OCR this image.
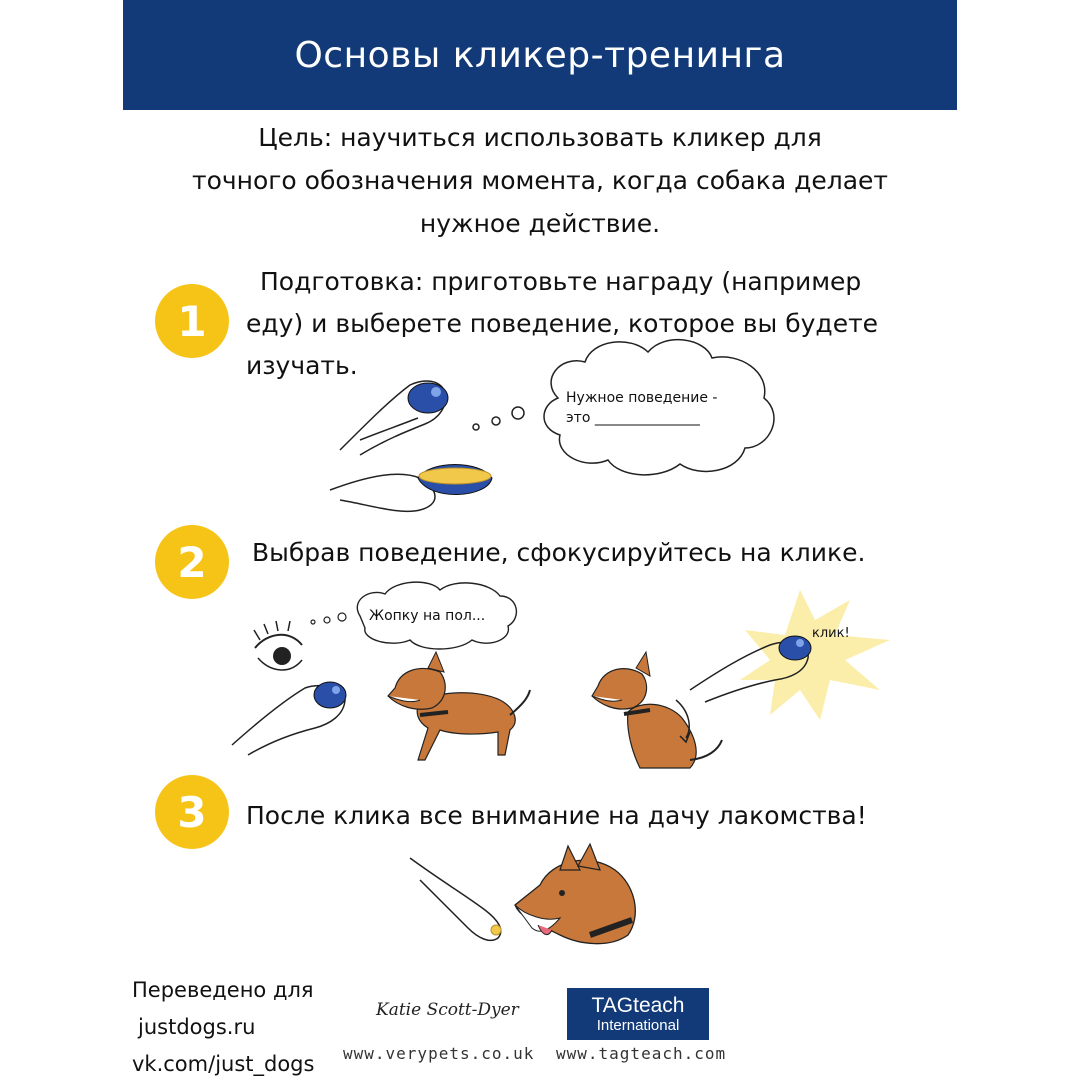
Основы кликер-тренинга
Цель: научиться использовать кликер для
точного обозначения момента, когда собака делает
нужное действие.
1
Подготовка: приготовьте награду (например
еду) и выберете поведение, которое вы будете
изучать.
2	Выбрав поведение, сфокусируйтесь на клике.
3	После клика все внимание на дачу лакомства!
Нужное поведение -
это _______________
Жопку на пол...
клик!
Переведено для
justdogs.ru
vk.com/just_dogs
Katie Scott-Dyer
www.verypets.co.uk
TAGteach
International
www.tagteach.com
